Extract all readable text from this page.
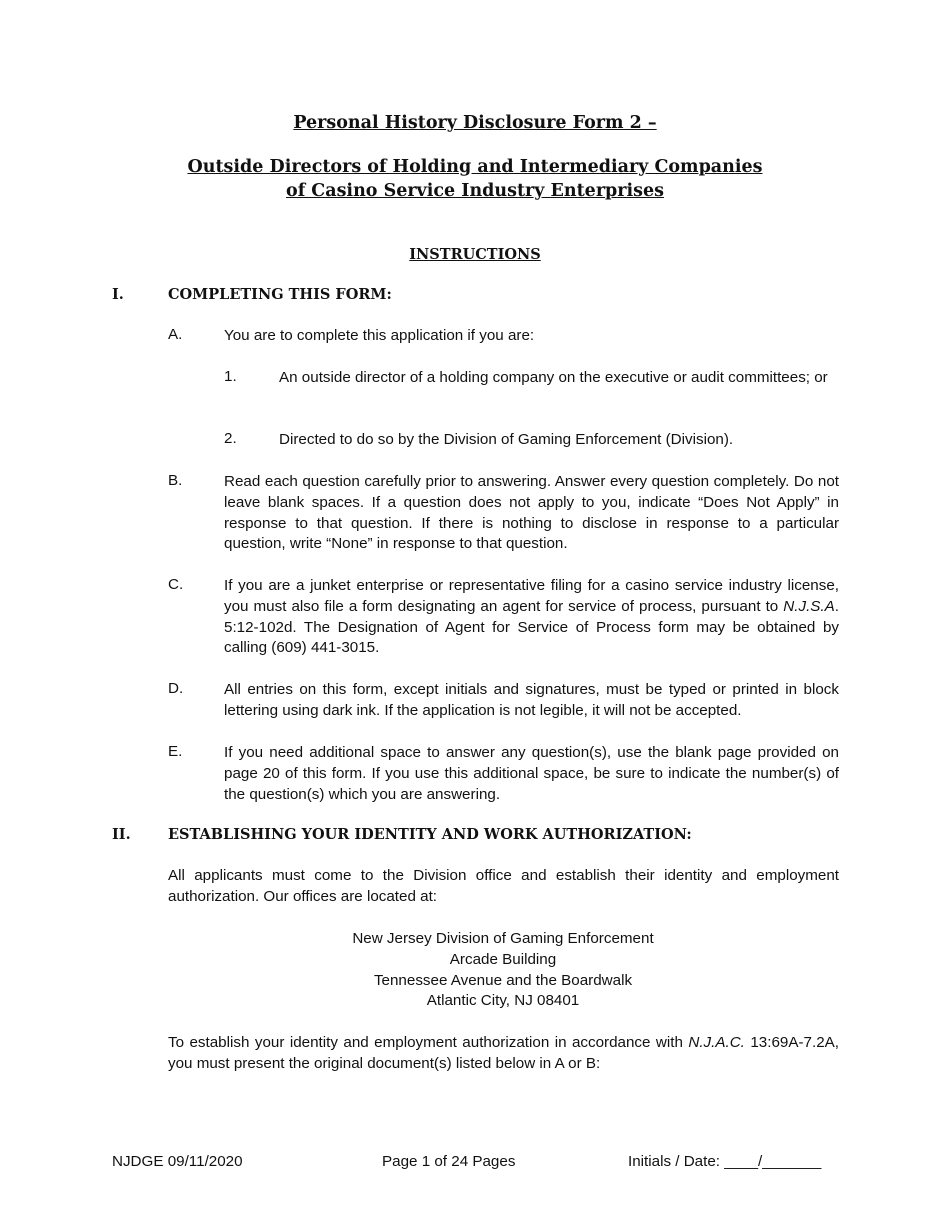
Personal History Disclosure Form 2 –
Outside Directors of Holding and Intermediary Companies
of Casino Service Industry Enterprises
INSTRUCTIONS
I.	COMPLETING THIS FORM:
A.	You are to complete this application if you are:
1.	An outside director of a holding company on the executive or audit committees; or
2.	Directed to do so by the Division of Gaming Enforcement (Division).
B.	Read each question carefully prior to answering. Answer every question completely. Do not leave blank spaces. If a question does not apply to you, indicate “Does Not Apply” in response to that question. If there is nothing to disclose in response to a particular question, write “None” in response to that question.
C.	If you are a junket enterprise or representative filing for a casino service industry license, you must also file a form designating an agent for service of process, pursuant to N.J.S.A. 5:12-102d. The Designation of Agent for Service of Process form may be obtained by calling (609) 441-3015.
D.	All entries on this form, except initials and signatures, must be typed or printed in block lettering using dark ink. If the application is not legible, it will not be accepted.
E.	If you need additional space to answer any question(s), use the blank page provided on page 20 of this form. If you use this additional space, be sure to indicate the number(s) of the question(s) which you are answering.
II.	ESTABLISHING YOUR IDENTITY AND WORK AUTHORIZATION:
All applicants must come to the Division office and establish their identity and employment authorization. Our offices are located at:
New Jersey Division of Gaming Enforcement
Arcade Building
Tennessee Avenue and the Boardwalk
Atlantic City, NJ 08401
To establish your identity and employment authorization in accordance with N.J.A.C. 13:69A-7.2A, you must present the original document(s) listed below in A or B:
NJDGE 09/11/2020	Page 1 of 24 Pages	Initials / Date: ____/_______
